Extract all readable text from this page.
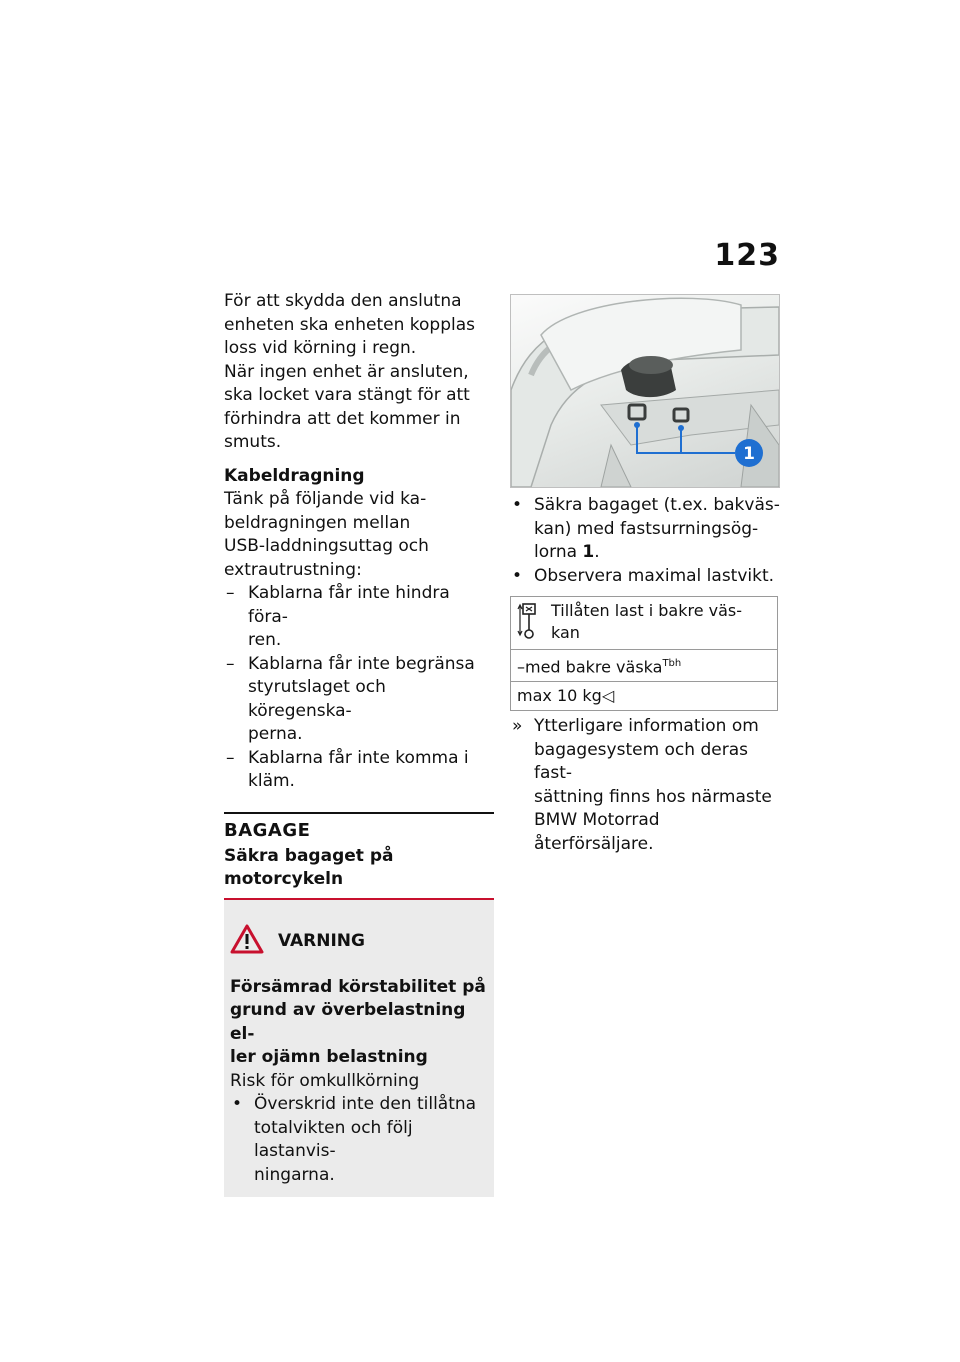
123

För att skydda den anslutna

enheten ska enheten kopplas

loss vid körning i regn.

När ingen enhet är ansluten,

ska locket vara stängt för att

förhindra att det kommer in

smuts.

Kabeldragning

Tänk på följande vid ka-

beldragningen mellan

USB-laddningsuttag och

extrautrustning:

– Kablarna får inte hindra föra-
ren.
– Kablarna får inte begränsa
styrutslaget och köregenska-
perna.
– Kablarna får inte komma i
kläm.

BAGAGE

Säkra bagaget på

motorcykeln

VARNING

Försämrad körstabilitet på

grund av överbelastning el-

ler ojämn belastning

Risk för omkullkörning

• Överskrid inte den tillåtna
totalvikten och följ lastanvis-
ningarna.
1
• Säkra bagaget (t.ex. bakväs-
kan) med fastsurrningsög-
lorna 1.
• Observera maximal lastvikt.
Tillåten last i bakre väs-
kan

–med bakre väska$^{Tbh}$
max 10 kg◁
» Ytterligare information om
bagagesystem och deras fast-
sättning finns hos närmaste
BMW Motorrad återförsäljare.
